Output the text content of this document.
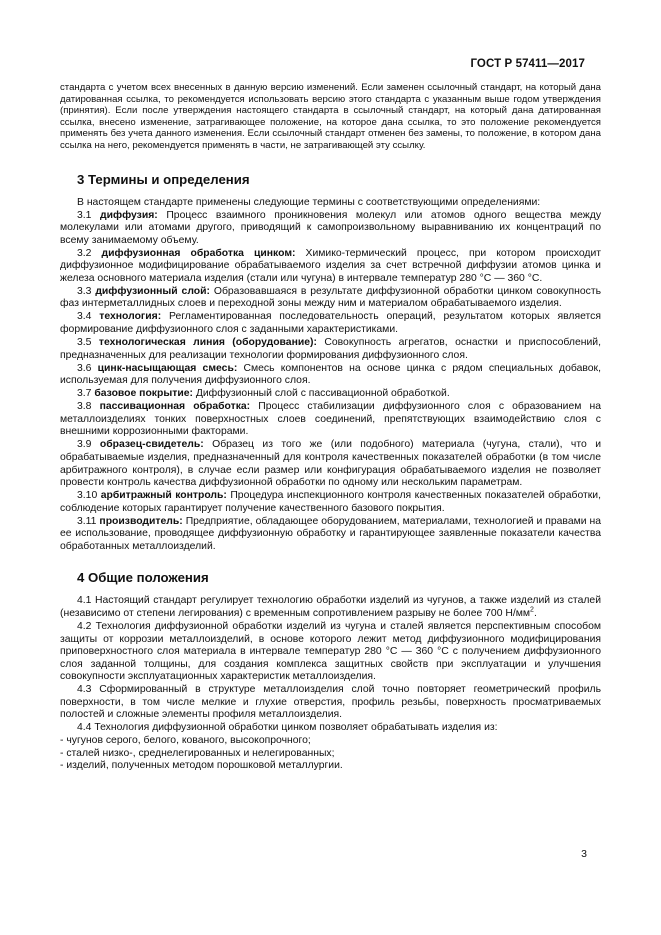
ГОСТ Р 57411—2017

стандарта с учетом всех внесенных в данную версию изменений. Если заменен ссылочный стандарт, на который дана датированная ссылка, то рекомендуется использовать версию этого стандарта с указанным выше годом утверждения (принятия). Если после утверждения настоящего стандарта в ссылочный стандарт, на который дана датированная ссылка, внесено изменение, затрагивающее положение, на которое дана ссылка, то это положение рекомендуется применять без учета данного изменения. Если ссылочный стандарт отменен без замены, то положение, в котором дана ссылка на него, рекомендуется применять в части, не затрагивающей эту ссылку.

3 Термины и определения

В настоящем стандарте применены следующие термины с соответствующими определениями:

3.1 диффузия: Процесс взаимного проникновения молекул или атомов одного вещества между молекулами или атомами другого, приводящий к самопроизвольному выравниванию их концентраций по всему занимаемому объему.

3.2 диффузионная обработка цинком: Химико-термический процесс, при котором происходит диффузионное модифицирование обрабатываемого изделия за счет встречной диффузии атомов цинка и железа основного материала изделия (стали или чугуна) в интервале температур 280 °С — 360 °С.

3.3 диффузионный слой: Образовавшаяся в результате диффузионной обработки цинком совокупность фаз интерметаллидных слоев и переходной зоны между ним и материалом обрабатываемого изделия.

3.4 технология: Регламентированная последовательность операций, результатом которых является формирование диффузионного слоя с заданными характеристиками.

3.5 технологическая линия (оборудование): Совокупность агрегатов, оснастки и приспособлений, предназначенных для реализации технологии формирования диффузионного слоя.

3.6 цинк-насыщающая смесь: Смесь компонентов на основе цинка с рядом специальных добавок, используемая для получения диффузионного слоя.

3.7 базовое покрытие: Диффузионный слой с пассивационной обработкой.

3.8 пассивационная обработка: Процесс стабилизации диффузионного слоя с образованием на металлоизделиях тонких поверхностных слоев соединений, препятствующих взаимодействию слоя с внешними коррозионными факторами.

3.9 образец-свидетель: Образец из того же (или подобного) материала (чугуна, стали), что и обрабатываемые изделия, предназначенный для контроля качественных показателей обработки (в том числе арбитражного контроля), в случае если размер или конфигурация обрабатываемого изделия не позволяет провести контроль качества диффузионной обработки по одному или нескольким параметрам.

3.10 арбитражный контроль: Процедура инспекционного контроля качественных показателей обработки, соблюдение которых гарантирует получение качественного базового покрытия.

3.11 производитель: Предприятие, обладающее оборудованием, материалами, технологией и правами на ее использование, проводящее диффузионную обработку и гарантирующее заявленные показатели качества обработанных металлоизделий.

4 Общие положения

4.1 Настоящий стандарт регулирует технологию обработки изделий из чугунов, а также изделий из сталей (независимо от степени легирования) с временным сопротивлением разрыву не более 700 $Н/мм^2$.

4.2 Технология диффузионной обработки изделий из чугуна и сталей является перспективным способом защиты от коррозии металлоизделий, в основе которого лежит метод диффузионного модифицирования приповерхностного слоя материала в интервале температур 280 °С — 360 °С с получением диффузионного слоя заданной толщины, для создания комплекса защитных свойств при эксплуатации и улучшения совокупности эксплуатационных характеристик металлоизделия.

4.3 Сформированный в структуре металлоизделия слой точно повторяет геометрический профиль поверхности, в том числе мелкие и глухие отверстия, профиль резьбы, поверхность просматриваемых полостей и сложные элементы профиля металлоизделия.

4.4 Технология диффузионной обработки цинком позволяет обрабатывать изделия из:

- чугунов серого, белого, кованого, высокопрочного;

- сталей низко-, среднелегированных и нелегированных;

- изделий, полученных методом порошковой металлургии.

3
